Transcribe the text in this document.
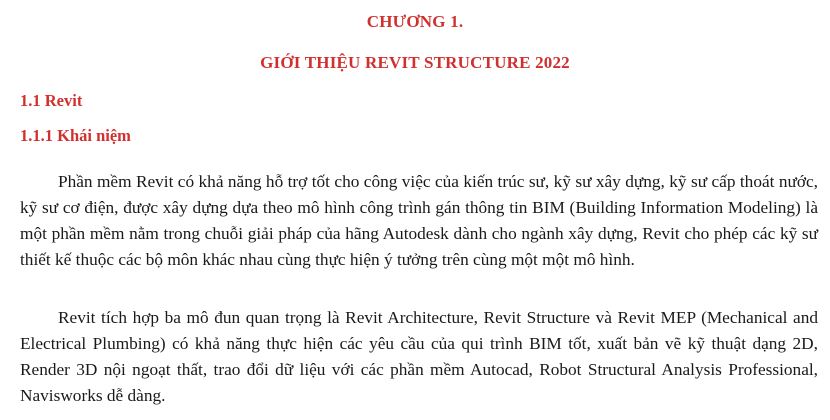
CHƯƠNG 1.
GIỚI THIỆU REVIT STRUCTURE 2022
1.1 Revit
1.1.1 Khái niệm

Phần mềm Revit có khả năng hỗ trợ tốt cho công việc của kiến trúc sư, kỹ sư xây dựng, kỹ sư cấp thoát nước, kỹ sư cơ điện, được xây dựng dựa theo mô hình công trình gán thông tin BIM (Building Information Modeling) là một phần mềm nằm trong chuỗi giải pháp của hãng Autodesk dành cho ngành xây dựng, Revit cho phép các kỹ sư thiết kế thuộc các bộ môn khác nhau cùng thực hiện ý tưởng trên cùng một một mô hình.

Revit tích hợp ba mô đun quan trọng là Revit Architecture, Revit Structure và Revit MEP (Mechanical and Electrical Plumbing) có khả năng thực hiện các yêu cầu của qui trình BIM tốt, xuất bản vẽ kỹ thuật dạng 2D, Render 3D nội ngoạt thất, trao đổi dữ liệu với các phần mềm Autocad, Robot Structural Analysis Professional, Navisworks dễ dàng.
